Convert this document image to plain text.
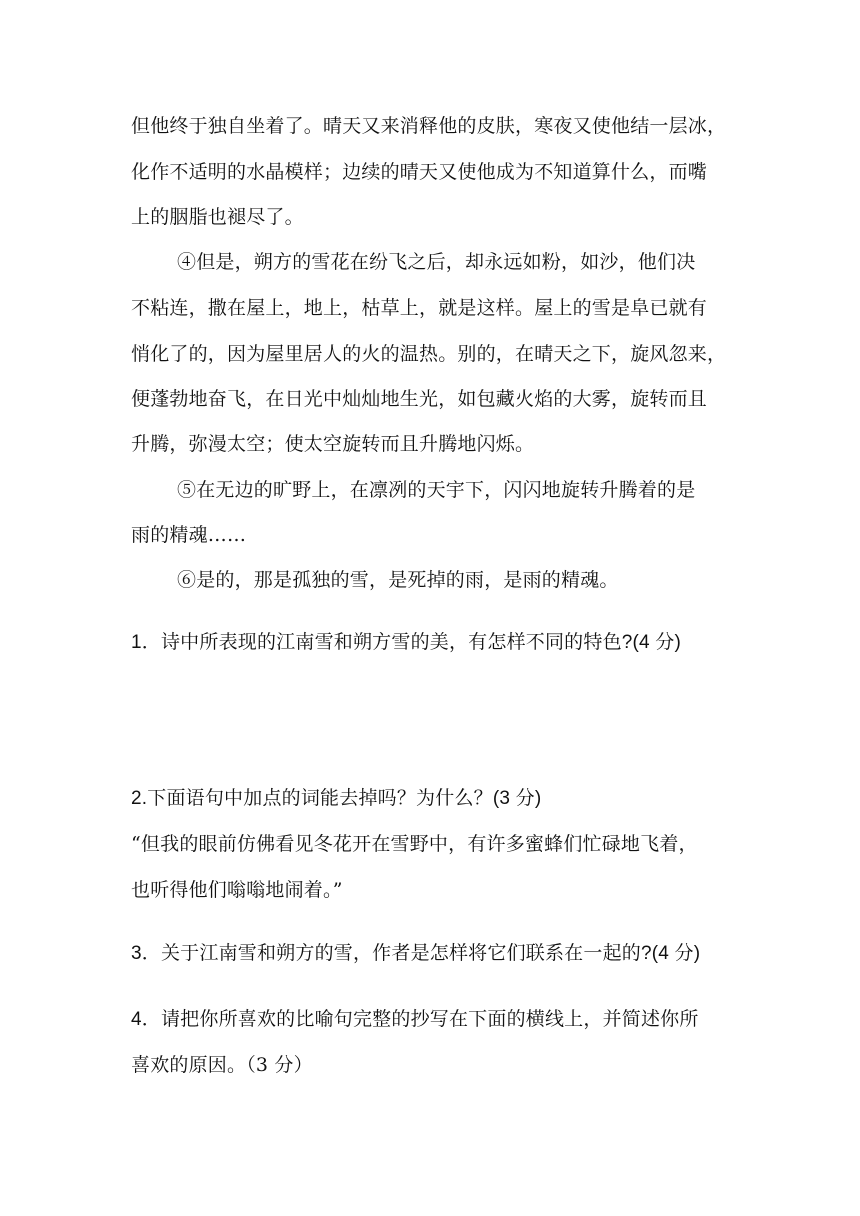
但他终于独自坐着了。晴天又来消释他的皮肤，寒夜又使他结一层冰，
化作不适明的水晶模样；边续的晴天又使他成为不知道算什么，而嘴
上的胭脂也褪尽了。
④但是，朔方的雪花在纷飞之后，却永远如粉，如沙，他们决
不粘连，撒在屋上，地上，枯草上，就是这样。屋上的雪是阜已就有
悄化了的，因为屋里居人的火的温热。别的，在晴天之下，旋风忽来，
便蓬勃地奋飞，在日光中灿灿地生光，如包藏火焰的大雾，旋转而且
升腾，弥漫太空；使太空旋转而且升腾地闪烁。
⑤在无边的旷野上，在凛冽的天宇下，闪闪地旋转升腾着的是
雨的精魂……
⑥是的，那是孤独的雪，是死掉的雨，是雨的精魂。
1．诗中所表现的江南雪和朔方雪的美，有怎样不同的特色?(4 分)
2.下面语句中加点的词能去掉吗？为什么？(3 分)
“但我的眼前仿佛看见冬花开在雪野中，有许多蜜蜂们忙碌地飞着，
也听得他们嗡嗡地闹着。”
3．关于江南雪和朔方的雪，作者是怎样将它们联系在一起的?(4 分)
4．请把你所喜欢的比喻句完整的抄写在下面的横线上，并简述你所
喜欢的原因。（3 分）
